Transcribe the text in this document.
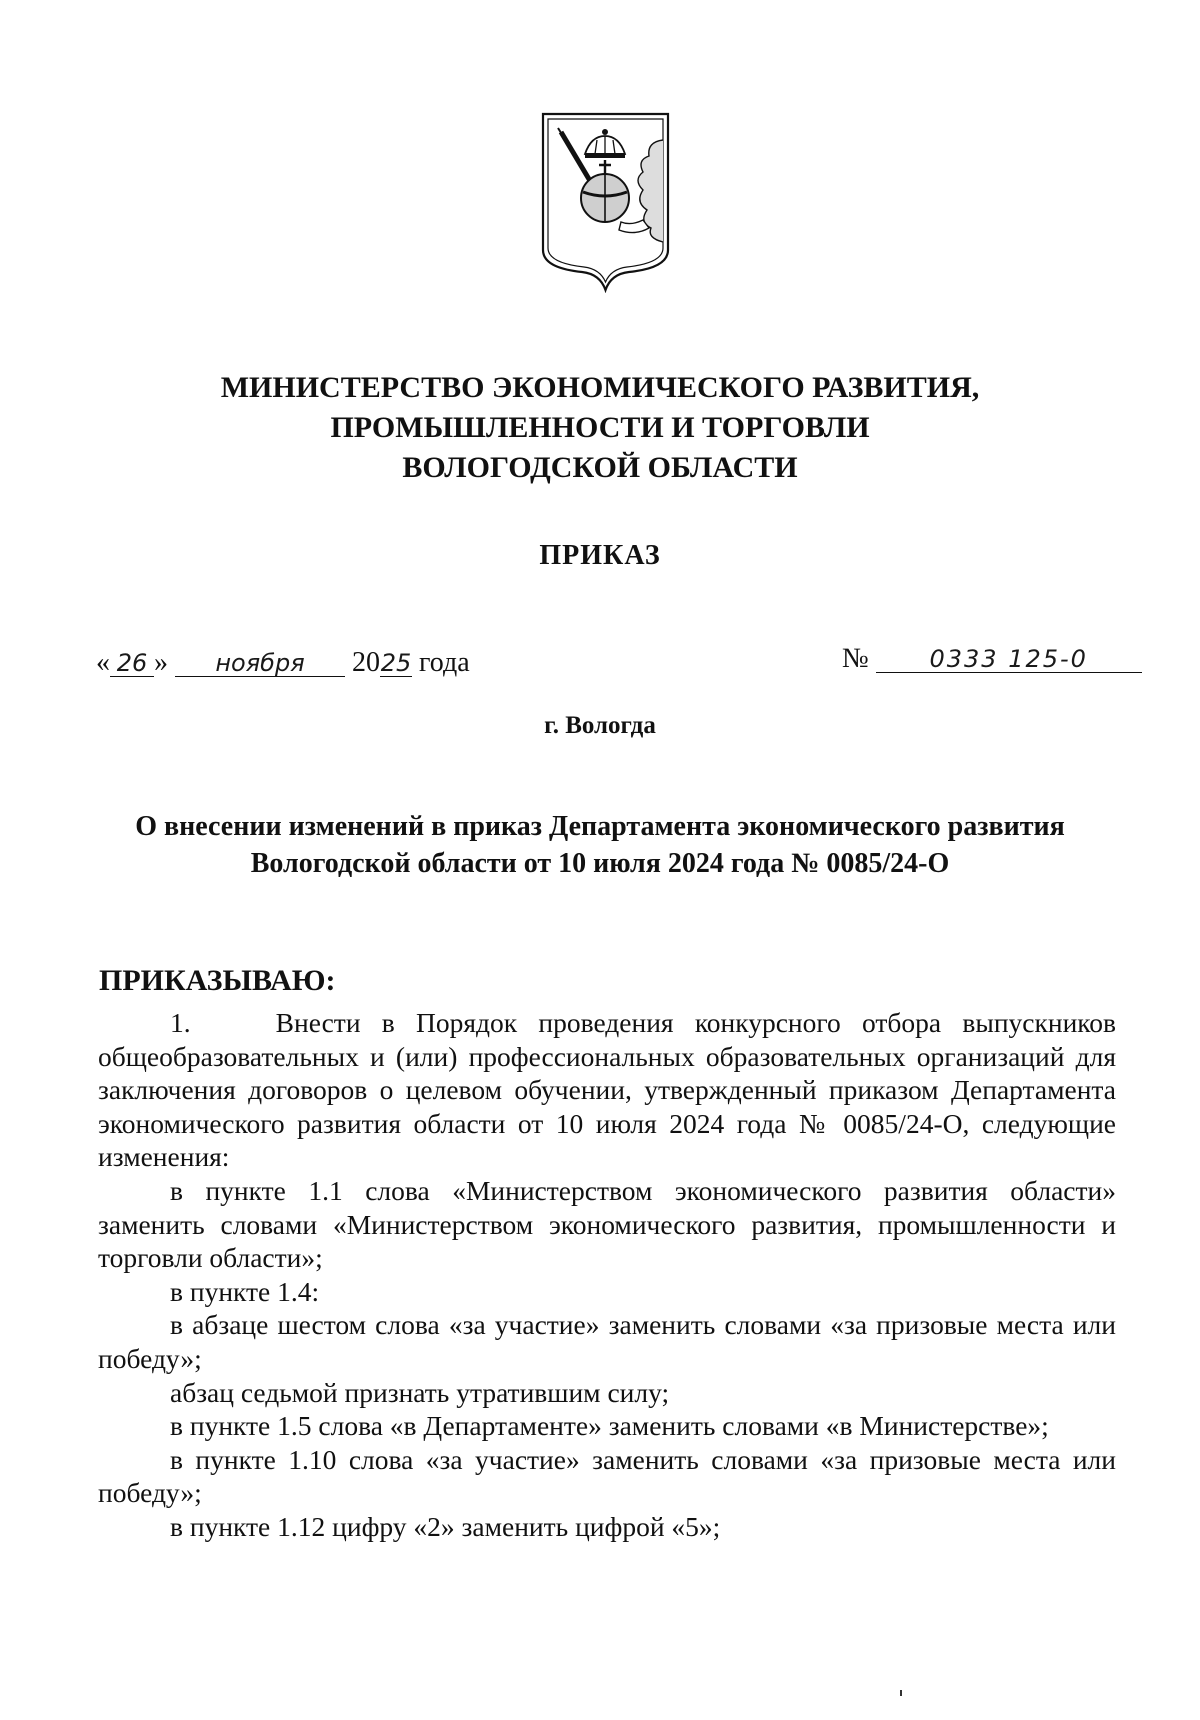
МИНИСТЕРСТВО ЭКОНОМИЧЕСКОГО РАЗВИТИЯ,
ПРОМЫШЛЕННОСТИ И ТОРГОВЛИ
ВОЛОГОДСКОЙ ОБЛАСТИ
ПРИКАЗ
« 26 » ноября 2025 года	№	0333 125-0
г. Вологда
О внесении изменений в приказ Департамента экономического развития
Вологодской области от 10 июля 2024 года № 0085/24-О
ПРИКАЗЫВАЮ:

1.    Внести в Порядок проведения конкурсного отбора выпускников общеобразовательных и (или) профессиональных образовательных организаций для заключения договоров о целевом обучении, утвержденный приказом Департамента экономического развития области от 10 июля 2024 года № 0085/24-О, следующие изменения:

в пункте 1.1 слова «Министерством экономического развития области» заменить словами «Министерством экономического развития, промышленности и торговли области»;

в пункте 1.4:

в абзаце шестом слова «за участие» заменить словами «за призовые места или победу»;

абзац седьмой признать утратившим силу;

в пункте 1.5 слова «в Департаменте» заменить словами «в Министерстве»;

в пункте 1.10 слова «за участие» заменить словами «за призовые места или победу»;

в пункте 1.12 цифру «2» заменить цифрой «5»;
